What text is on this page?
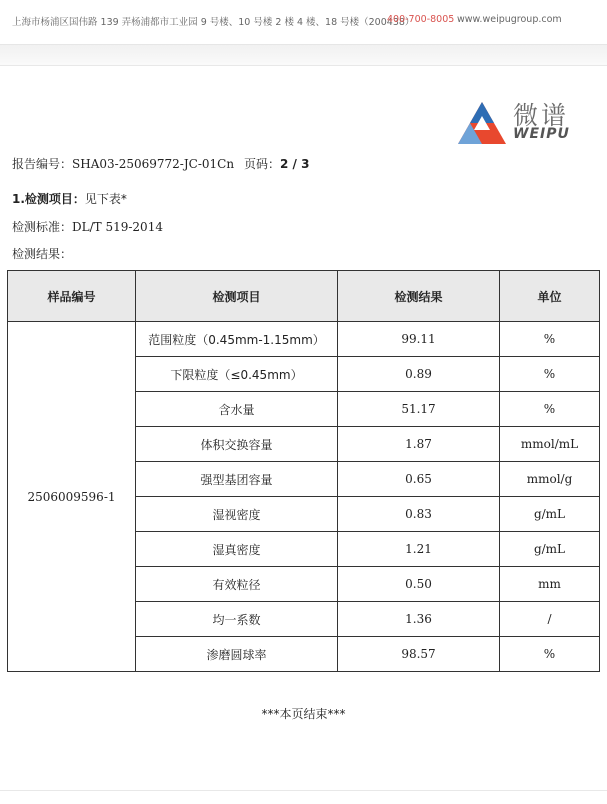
上海市杨浦区国伟路 139 弄杨浦都市工业园 9 号楼、10 号楼 2 楼 4 楼、18 号楼（200438）
400-700-8005 www.weipugroup.com
微谱
WEIPU
报告编号：SHA03-25069772-JC-01Cn 页码：2 / 3
1.检测项目：见下表*
检测标准：DL/T 519-2014
检测结果：
样品编号	检测项目	检测结果	单位
2506009596-1	范围粒度（0.45mm-1.15mm）	99.11	%
	下限粒度（≤0.45mm）	0.89	%
	含水量	51.17	%
	体积交换容量	1.87	mmol/mL
	强型基团容量	0.65	mmol/g
	湿视密度	0.83	g/mL
	湿真密度	1.21	g/mL
	有效粒径	0.50	mm
	均一系数	1.36	/
	渗磨圆球率	98.57	%
***本页结束***
